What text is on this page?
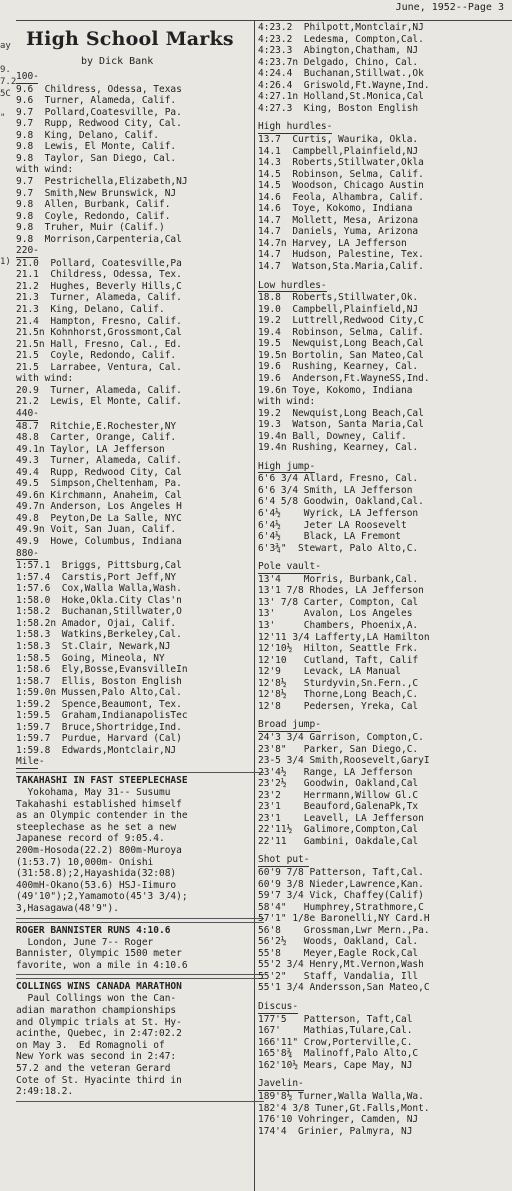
ay
9.
7.2
5C
"
1)
June, 1952--Page 3
High School Marks
by Dick Bank
100-
9.6  Childress, Odessa, Texas
9.6  Turner, Alameda, Calif.
9.7  Pollard,Coatesville, Pa.
9.7  Rupp, Redwood City, Cal.
9.8  King, Delano, Calif.
9.8  Lewis, El Monte, Calif.
9.8  Taylor, San Diego, Cal.
with wind:
9.7  Pestrichella,Elizabeth,NJ
9.7  Smith,New Brunswick, NJ
9.8  Allen, Burbank, Calif.
9.8  Coyle, Redondo, Calif.
9.8  Truher, Muir (Calif.)
9.8  Morrison,Carpenteria,Cal
220-
21.0  Pollard, Coatesville,Pa
21.1  Childress, Odessa, Tex.
21.2  Hughes, Beverly Hills,C
21.3  Turner, Alameda, Calif.
21.3  King, Delano, Calif.
21.4  Hampton, Fresno, Calif.
21.5n Kohnhorst,Grossmont,Cal
21.5n Hall, Fresno, Cal., Ed.
21.5  Coyle, Redondo, Calif.
21.5  Larrabee, Ventura, Cal.
with wind:
20.9  Turner, Alameda, Calif.
21.2  Lewis, El Monte, Calif.
440-
48.7  Ritchie,E.Rochester,NY
48.8  Carter, Orange, Calif.
49.1n Taylor, LA Jefferson
49.3  Turner, Alameda, Calif.
49.4  Rupp, Redwood City, Cal
49.5  Simpson,Cheltenham, Pa.
49.6n Kirchmann, Anaheim, Cal
49.7n Anderson, Los Angeles H
49.8  Peyton,De La Salle, NYC
49.9n Voit, San Juan, Calif.
49.9  Howe, Columbus, Indiana
880-
1:57.1  Briggs, Pittsburg,Cal
1:57.4  Carstis,Port Jeff,NY
1:57.6  Cox,Walla Walla,Wash.
1:58.0  Hoke,Okla.City Clas'n
1:58.2  Buchanan,Stillwater,O
1:58.2n Amador, Ojai, Calif.
1:58.3  Watkins,Berkeley,Cal.
1:58.3  St.Clair, Newark,NJ
1:58.5  Going, Mineola, NY
1:58.6  Ely,Bosse,EvansvilleIn
1:58.7  Ellis, Boston English
1:59.0n Mussen,Palo Alto,Cal.
1:59.2  Spence,Beaumont, Tex.
1:59.5  Graham,IndianapolisTec
1:59.7  Bruce,Shortridge,Ind.
1:59.7  Purdue, Harvard (Cal)
1:59.8  Edwards,Montclair,NJ
Mile-
TAKAHASHI IN FAST STEEPLECHASE
Yokohama, May 31-- Susumu
Takahashi established himself
as an Olympic contender in the
steeplechase as he set a new
Japanese record of 9:05.4.
200m-Hosoda(22.2) 800m-Muroya
(1:53.7) 10,000m- Onishi
(31:58.8);2,Hayashida(32:08)
400mH-Okano(53.6) HSJ-Iimuro
(49'10");2,Yamamoto(45'3 3/4);
3,Hasagawa(48'9").
ROGER BANNISTER RUNS 4:10.6
London, June 7-- Roger
Bannister, Olympic 1500 meter
favorite, won a mile in 4:10.6
COLLINGS WINS CANADA MARATHON
Paul Collings won the Can-
adian marathon championships
and Olympic trials at St. Hy-
acinthe, Quebec, in 2:47:02.2
on May 3.  Ed Romagnoli of
New York was second in 2:47:
57.2 and the veteran Gerard
Cote of St. Hyacinte third in
2:49:18.2.
4:23.2  Philpott,Montclair,NJ
4:23.2  Ledesma, Compton,Cal.
4:23.3  Abington,Chatham, NJ
4:23.7n Delgado, Chino, Cal.
4:24.4  Buchanan,Stillwat.,Ok
4:26.4  Griswold,Ft.Wayne,Ind.
4:27.1n Holland,St.Monica,Cal
4:27.3  King, Boston English
High hurdles-

13.7  Curtis, Waurika, Okla.
14.1  Campbell,Plainfield,NJ
14.3  Roberts,Stillwater,Okla
14.5  Robinson, Selma, Calif.
14.5  Woodson, Chicago Austin
14.6  Feola, Alhambra, Calif.
14.6  Toye, Kokomo, Indiana
14.7  Mollett, Mesa, Arizona
14.7  Daniels, Yuma, Arizona
14.7n Harvey, LA Jefferson
14.7  Hudson, Palestine, Tex.
14.7  Watson,Sta.Maria,Calif.
Low hurdles-

18.8  Roberts,Stillwater,Ok.
19.0  Campbell,Plainfield,NJ
19.2  Luttrell,Redwood City,C
19.4  Robinson, Selma, Calif.
19.5  Newquist,Long Beach,Cal
19.5n Bortolin, San Mateo,Cal
19.6  Rushing, Kearney, Cal.
19.6  Anderson,Ft.WayneSS,Ind.
19.6n Toye, Kokomo, Indiana
with wind:
19.2  Newquist,Long Beach,Cal
19.3  Watson, Santa Maria,Cal
19.4n Ball, Downey, Calif.
19.4n Rushing, Kearney, Cal.
High jump-

6'6 3/4 Allard, Fresno, Cal.
6'6 3/4 Smith, LA Jefferson
6'4 5/8 Goodwin, Oakland,Cal.
6'4½    Wyrick, LA Jefferson
6'4½    Jeter LA Roosevelt
6'4½    Black, LA Fremont
6'3¾"  Stewart, Palo Alto,C.
Pole vault-

13'4    Morris, Burbank,Cal.
13'1 7/8 Rhodes, LA Jefferson
13' 7/8 Carter, Compton, Cal
13'     Avalon, Los Angeles
13'     Chambers, Phoenix,A.
12'11 3/4 Lafferty,LA Hamilton
12'10½  Hilton, Seattle Frk.
12'10   Cutland, Taft, Calif
12'9    Levack, LA Manual
12'8½   Sturdyvin,Sn.Fern.,C
12'8½   Thorne,Long Beach,C.
12'8    Pedersen, Yreka, Cal
Broad jump-

24'3 3/4 Garrison, Compton,C.
23'8"   Parker, San Diego,C.
23-5 3/4 Smith,Roosevelt,GaryI
23'4½   Range, LA Jefferson
23'2½   Goodwin, Oakland,Cal
23'2    Herrmann,Willow Gl.C
23'1    Beauford,GalenaPk,Tx
23'1    Leavell, LA Jefferson
22'11½  Galimore,Compton,Cal
22'11   Gambini, Oakdale,Cal
Shot put-

60'9 7/8 Patterson, Taft,Cal.
60'9 3/8 Nieder,Lawrence,Kan.
59'7 3/4 Vick, Chaffey(Calif)
58'4"   Humphrey,Strathmore,C
57'1" 1/8e Baronelli,NY Card.H
56'8    Grossman,Lwr Mern.,Pa.
56'2½   Woods, Oakland, Cal.
55'8    Meyer,Eagle Rock,Cal
55'2 3/4 Henry,Mt.Vernon,Wash
55'2"   Staff, Vandalia, Ill
55'1 3/4 Andersson,San Mateo,C
Discus-

177'5   Patterson, Taft,Cal
167'    Mathias,Tulare,Cal.
166'11" Crow,Porterville,C.
165'8¾  Malinoff,Palo Alto,C
162'10½ Mears, Cape May, NJ
Javelin-

189'8½ Turner,Walla Walla,Wa.
182'4 3/8 Tuner,Gt.Falls,Mont.
176'10 Vohringer, Camden, NJ
174'4  Grinier, Palmyra, NJ
